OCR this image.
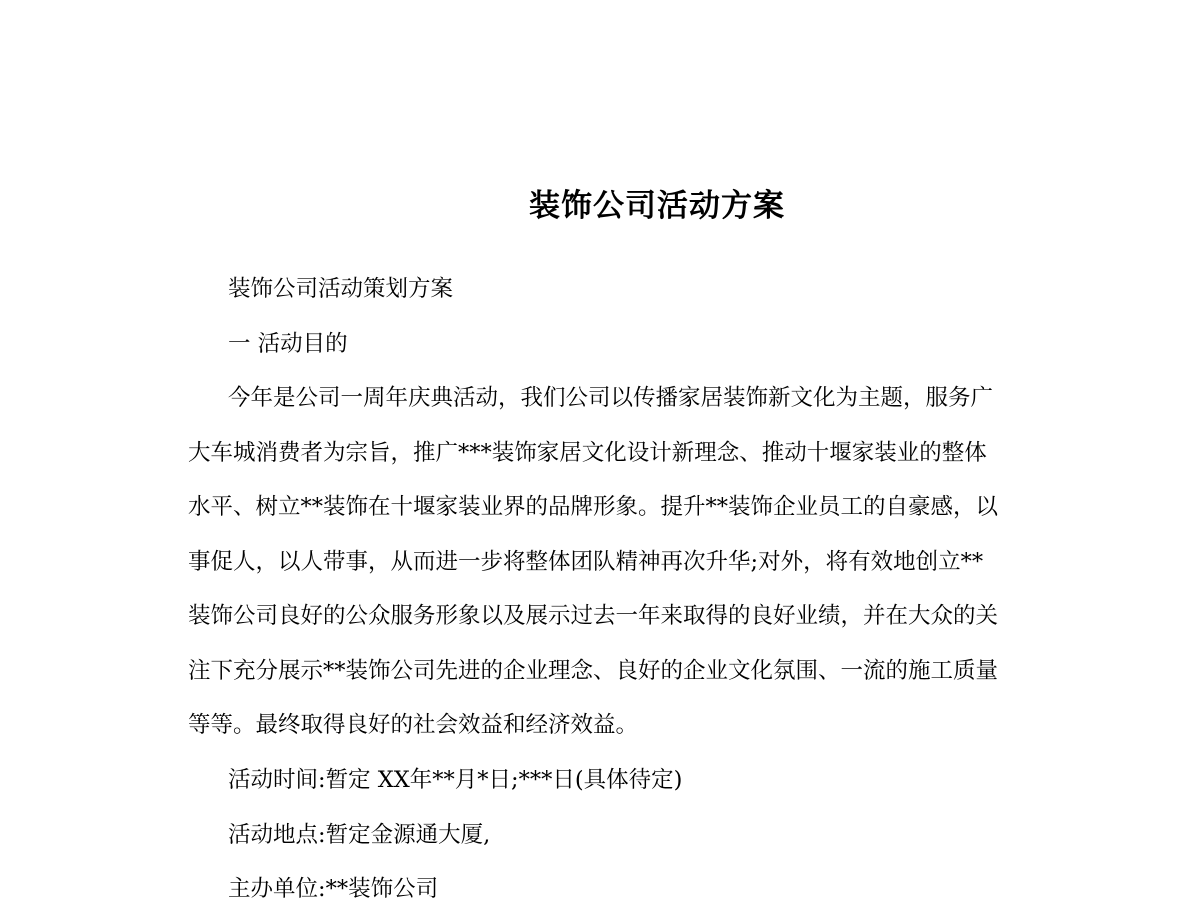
装饰公司活动方案
装饰公司活动策划方案
一 活动目的
今年是公司一周年庆典活动，我们公司以传播家居装饰新文化为主题，服务广
大车城消费者为宗旨，推广***装饰家居文化设计新理念、推动十堰家装业的整体
水平、树立**装饰在十堰家装业界的品牌形象。提升**装饰企业员工的自豪感，以
事促人，以人带事，从而进一步将整体团队精神再次升华;对外，将有效地创立**
装饰公司良好的公众服务形象以及展示过去一年来取得的良好业绩，并在大众的关
注下充分展示**装饰公司先进的企业理念、良好的企业文化氛围、一流的施工质量
等等。最终取得良好的社会效益和经济效益。
活动时间:暂定 XX年**月*日;***日(具体待定)
活动地点:暂定金源通大厦,
主办单位:**装饰公司
